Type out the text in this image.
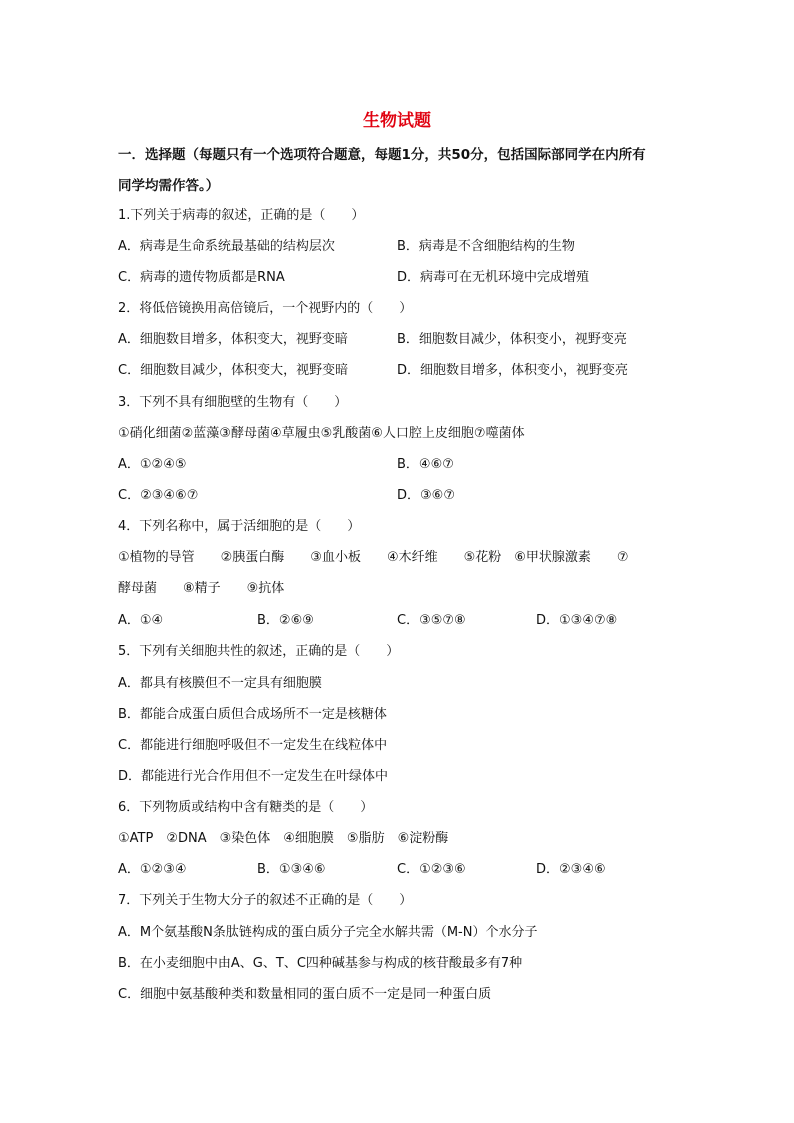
生物试题
一．选择题（每题只有一个选项符合题意，每题1分，共50分，包括国际部同学在内所有
同学均需作答。）
1.下列关于病毒的叙述，正确的是（　　）
A．病毒是生命系统最基础的结构层次	B．病毒是不含细胞结构的生物
C．病毒的遗传物质都是RNA	D．病毒可在无机环境中完成增殖
2．将低倍镜换用高倍镜后，一个视野内的（　　）
A．细胞数目增多，体积变大，视野变暗	B．细胞数目减少，体积变小，视野变亮
C．细胞数目减少，体积变大，视野变暗	D．细胞数目增多，体积变小，视野变亮
3．下列不具有细胞壁的生物有（　　）
①硝化细菌②蓝藻③酵母菌④草履虫⑤乳酸菌⑥人口腔上皮细胞⑦噬菌体
A．①②④⑤	B．④⑥⑦
C．②③④⑥⑦	D．③⑥⑦
4．下列名称中，属于活细胞的是（　　）
①植物的导管　　②胰蛋白酶　　③血小板　　④木纤维　　⑤花粉　⑥甲状腺激素　　⑦
酵母菌　　⑧精子　　⑨抗体
A．①④	B．②⑥⑨	C．③⑤⑦⑧	D．①③④⑦⑧
5．下列有关细胞共性的叙述，正确的是（　　）
A．都具有核膜但不一定具有细胞膜
B．都能合成蛋白质但合成场所不一定是核糖体
C．都能进行细胞呼吸但不一定发生在线粒体中
D．都能进行光合作用但不一定发生在叶绿体中
6．下列物质或结构中含有糖类的是（　　）
①ATP　②DNA　③染色体　④细胞膜　⑤脂肪　⑥淀粉酶
A．①②③④	B．①③④⑥	C．①②③⑥	D．②③④⑥
7．下列关于生物大分子的叙述不正确的是（　　）
A．M个氨基酸N条肽链构成的蛋白质分子完全水解共需（M-N）个水分子
B．在小麦细胞中由A、G、T、C四种碱基参与构成的核苷酸最多有7种
C．细胞中氨基酸种类和数量相同的蛋白质不一定是同一种蛋白质
